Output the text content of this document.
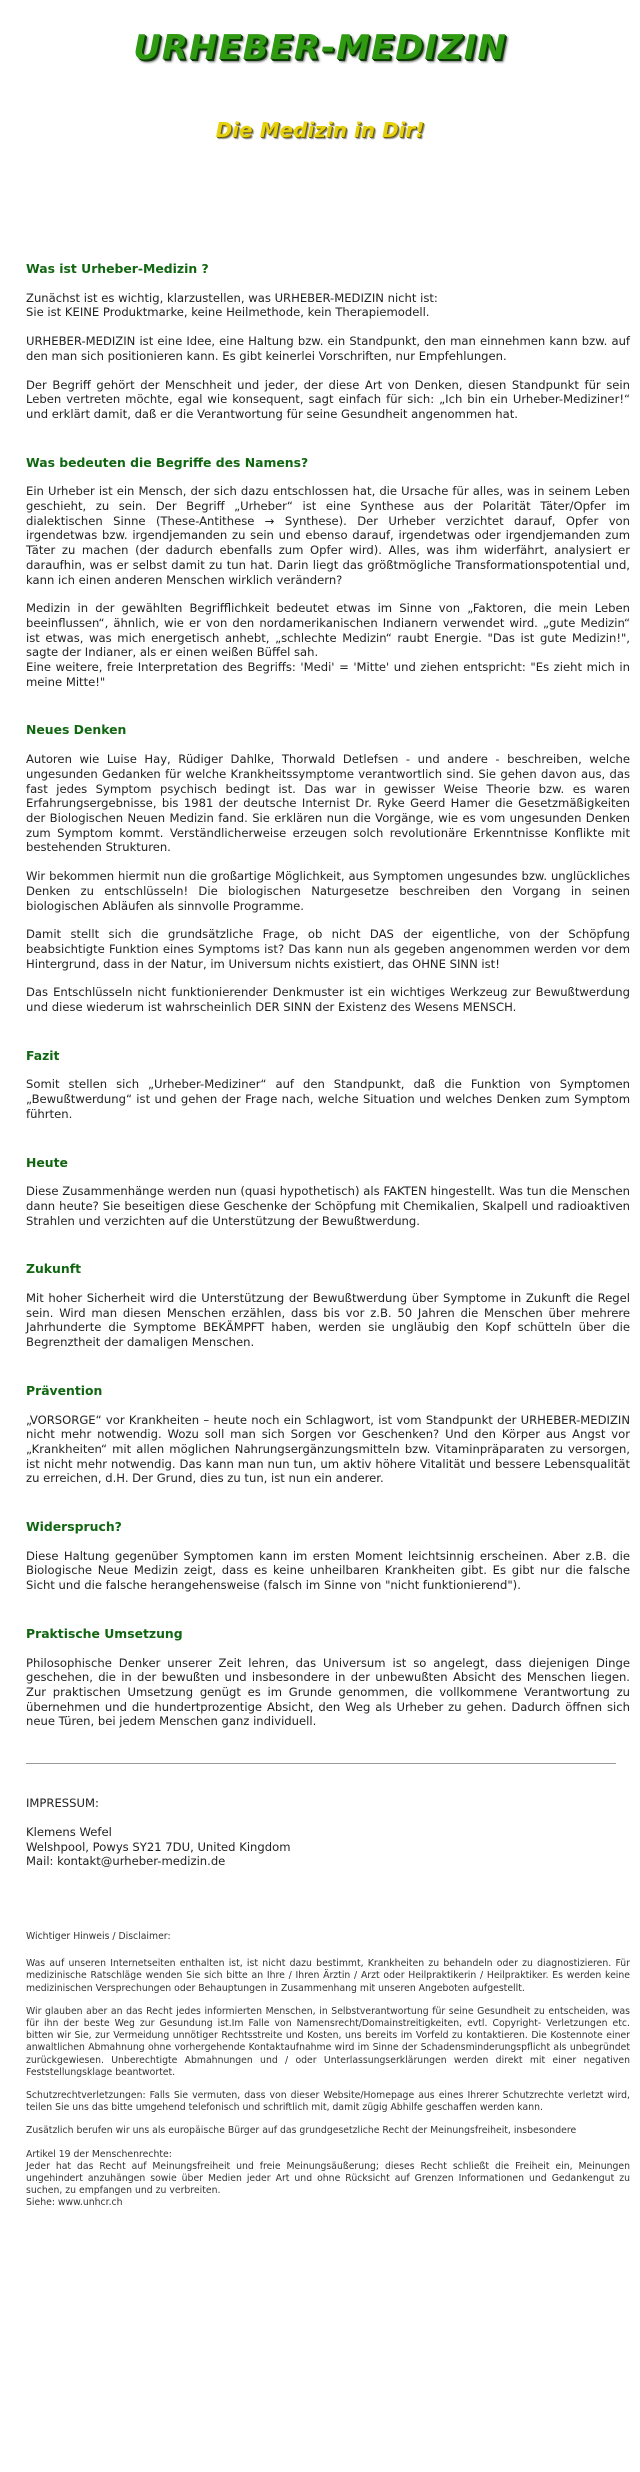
URHEBER-MEDIZIN
Die Medizin in Dir!
Was ist Urheber-Medizin ?

Zunächst ist es wichtig, klarzustellen, was URHEBER-MEDIZIN nicht ist:
Sie ist KEINE Produktmarke, keine Heilmethode, kein Therapiemodell.

URHEBER-MEDIZIN ist eine Idee, eine Haltung bzw. ein Standpunkt, den man einnehmen kann bzw. auf den man sich positionieren kann. Es gibt keinerlei Vorschriften, nur Empfehlungen.

Der Begriff gehört der Menschheit und jeder, der diese Art von Denken, diesen Standpunkt für sein Leben vertreten möchte, egal wie konsequent, sagt einfach für sich: „Ich bin ein Urheber-Mediziner!“ und erklärt damit, daß er die Verantwortung für seine Gesundheit angenommen hat.

Was bedeuten die Begriffe des Namens?

Ein Urheber ist ein Mensch, der sich dazu entschlossen hat, die Ursache für alles, was in seinem Leben geschieht, zu sein. Der Begriff „Urheber“ ist eine Synthese aus der Polarität Täter/Opfer im dialektischen Sinne (These-Antithese → Synthese). Der Urheber verzichtet darauf, Opfer von irgendetwas bzw. irgendjemanden zu sein und ebenso darauf, irgendetwas oder irgendjemanden zum Täter zu machen (der dadurch ebenfalls zum Opfer wird). Alles, was ihm widerfährt, analysiert er daraufhin, was er selbst damit zu tun hat. Darin liegt das größtmögliche Transformationspotential und, kann ich einen anderen Menschen wirklich verändern?

Medizin in der gewählten Begrifflichkeit bedeutet etwas im Sinne von „Faktoren, die mein Leben beeinflussen“, ähnlich, wie er von den nordamerikanischen Indianern verwendet wird. „gute Medizin“ ist etwas, was mich energetisch anhebt, „schlechte Medizin“ raubt Energie. "Das ist gute Medizin!", sagte der Indianer, als er einen weißen Büffel sah.
Eine weitere, freie Interpretation des Begriffs: 'Medi' = 'Mitte' und ziehen entspricht: "Es zieht mich in meine Mitte!"

Neues Denken

Autoren wie Luise Hay, Rüdiger Dahlke, Thorwald Detlefsen - und andere - beschreiben, welche ungesunden Gedanken für welche Krankheitssymptome verantwortlich sind. Sie gehen davon aus, das fast jedes Symptom psychisch bedingt ist. Das war in gewisser Weise Theorie bzw. es waren Erfahrungsergebnisse, bis 1981 der deutsche Internist Dr. Ryke Geerd Hamer die Gesetzmäßigkeiten der Biologischen Neuen Medizin fand. Sie erklären nun die Vorgänge, wie es vom ungesunden Denken zum Symptom kommt. Verständlicherweise erzeugen solch revolutionäre Erkenntnisse Konflikte mit bestehenden Strukturen.

Wir bekommen hiermit nun die großartige Möglichkeit, aus Symptomen ungesundes bzw. unglückliches Denken zu entschlüsseln! Die biologischen Naturgesetze beschreiben den Vorgang in seinen biologischen Abläufen als sinnvolle Programme.

Damit stellt sich die grundsätzliche Frage, ob nicht DAS der eigentliche, von der Schöpfung beabsichtigte Funktion eines Symptoms ist? Das kann nun als gegeben angenommen werden vor dem Hintergrund, dass in der Natur, im Universum nichts existiert, das OHNE SINN ist!

Das Entschlüsseln nicht funktionierender Denkmuster ist ein wichtiges Werkzeug zur Bewußtwerdung und diese wiederum ist wahrscheinlich DER SINN der Existenz des Wesens MENSCH.

Fazit

Somit stellen sich „Urheber-Mediziner“ auf den Standpunkt, daß die Funktion von Symptomen „Bewußtwerdung“ ist und gehen der Frage nach, welche Situation und welches Denken zum Symptom führten.

Heute

Diese Zusammenhänge werden nun (quasi hypothetisch) als FAKTEN hingestellt. Was tun die Menschen dann heute? Sie beseitigen diese Geschenke der Schöpfung mit Chemikalien, Skalpell und radioaktiven Strahlen und verzichten auf die Unterstützung der Bewußtwerdung.

Zukunft

Mit hoher Sicherheit wird die Unterstützung der Bewußtwerdung über Symptome in Zukunft die Regel sein. Wird man diesen Menschen erzählen, dass bis vor z.B. 50 Jahren die Menschen über mehrere Jahrhunderte die Symptome BEKÄMPFT haben, werden sie ungläubig den Kopf schütteln über die Begrenztheit der damaligen Menschen.

Prävention

„VORSORGE“ vor Krankheiten – heute noch ein Schlagwort, ist vom Standpunkt der URHEBER-MEDIZIN nicht mehr notwendig. Wozu soll man sich Sorgen vor Geschenken? Und den Körper aus Angst vor „Krankheiten“ mit allen möglichen Nahrungsergänzungsmitteln bzw. Vitaminpräparaten zu versorgen, ist nicht mehr notwendig. Das kann man nun tun, um aktiv höhere Vitalität und bessere Lebensqualität zu erreichen, d.H. Der Grund, dies zu tun, ist nun ein anderer.

Widerspruch?

Diese Haltung gegenüber Symptomen kann im ersten Moment leichtsinnig erscheinen. Aber z.B. die Biologische Neue Medizin zeigt, dass es keine unheilbaren Krankheiten gibt. Es gibt nur die falsche Sicht und die falsche herangehensweise (falsch im Sinne von "nicht funktionierend").

Praktische Umsetzung

Philosophische Denker unserer Zeit lehren, das Universum ist so angelegt, dass diejenigen Dinge geschehen, die in der bewußten und insbesondere in der unbewußten Absicht des Menschen liegen. Zur praktischen Umsetzung genügt es im Grunde genommen, die vollkommene Verantwortung zu übernehmen und die hundertprozentige Absicht, den Weg als Urheber zu gehen. Dadurch öffnen sich neue Türen, bei jedem Menschen ganz individuell.

IMPRESSUM:

Klemens Wefel
Welshpool, Powys SY21 7DU, United Kingdom
Mail: kontakt@urheber-medizin.de

Wichtiger Hinweis / Disclaimer:

Was auf unseren Internetseiten enthalten ist, ist nicht dazu bestimmt, Krankheiten zu behandeln oder zu diagnostizieren. Für medizinische Ratschläge wenden Sie sich bitte an Ihre / Ihren Ärztin / Arzt oder Heilpraktikerin / Heilpraktiker. Es werden keine medizinischen Versprechungen oder Behauptungen in Zusammenhang mit unseren Angeboten aufgestellt.

Wir glauben aber an das Recht jedes informierten Menschen, in Selbstverantwortung für seine Gesundheit zu entscheiden, was für ihn der beste Weg zur Gesundung ist.Im Falle von Namensrecht/Domainstreitigkeiten, evtl. Copyright- Verletzungen etc. bitten wir Sie, zur Vermeidung unnötiger Rechtsstreite und Kosten, uns bereits im Vorfeld zu kontaktieren. Die Kostennote einer anwaltlichen Abmahnung ohne vorhergehende Kontaktaufnahme wird im Sinne der Schadensminderungspflicht als unbegründet zurückgewiesen. Unberechtigte Abmahnungen und / oder Unterlassungserklärungen werden direkt mit einer negativen Feststellungsklage beantwortet.

Schutzrechtverletzungen: Falls Sie vermuten, dass von dieser Website/Homepage aus eines Ihrerer Schutzrechte verletzt wird, teilen Sie uns das bitte umgehend telefonisch und schriftlich mit, damit zügig Abhilfe geschaffen werden kann.

Zusätzlich berufen wir uns als europäische Bürger auf das grundgesetzliche Recht der Meinungsfreiheit, insbesondere

Artikel 19 der Menschenrechte:
Jeder hat das Recht auf Meinungsfreiheit und freie Meinungsäußerung; dieses Recht schließt die Freiheit ein, Meinungen ungehindert anzuhängen sowie über Medien jeder Art und ohne Rücksicht auf Grenzen Informationen und Gedankengut zu suchen, zu empfangen und zu verbreiten.
Siehe: www.unhcr.ch
